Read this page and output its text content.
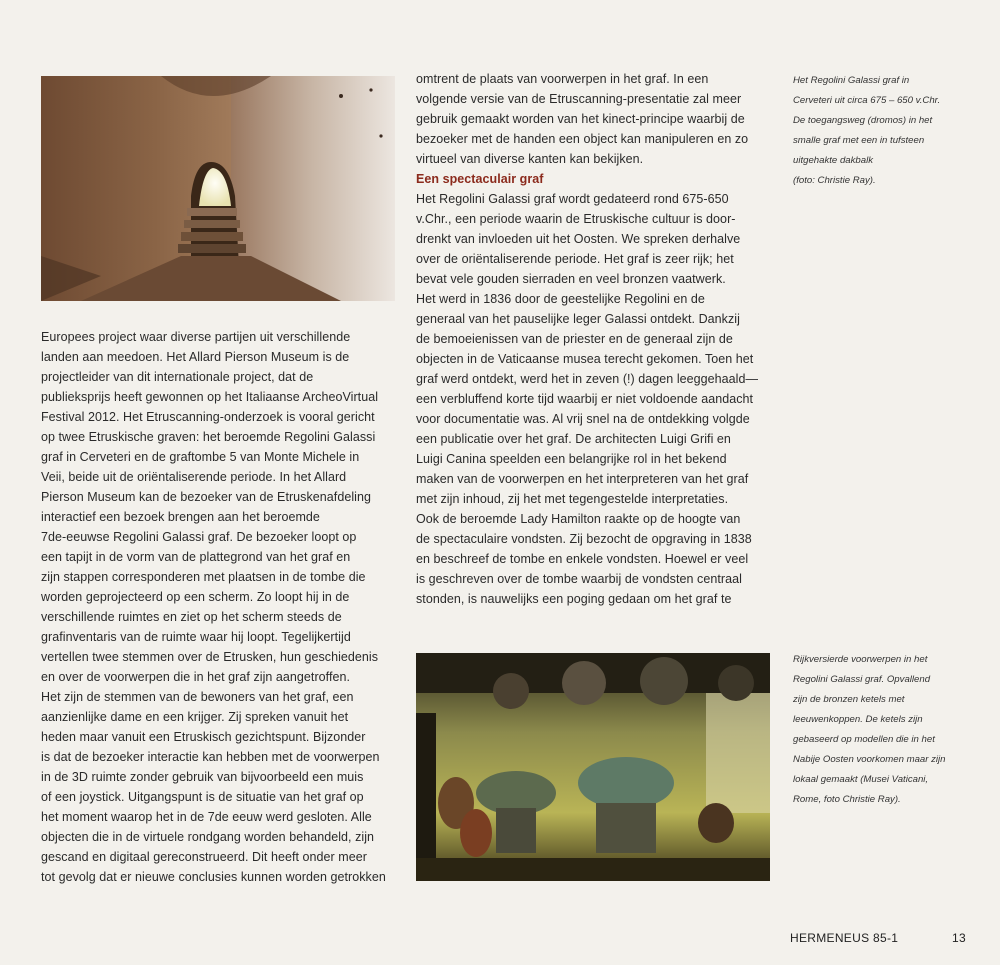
Europees project waar diverse partijen uit verschillende

landen aan meedoen. Het Allard Pierson Museum is de

projectleider van dit internationale project, dat de

publieksprijs heeft gewonnen op het Italiaanse ArcheoVirtual

Festival 2012. Het Etruscanning-onderzoek is vooral gericht

op twee Etruskische graven: het beroemde Regolini Galassi

graf in Cerveteri en de graftombe 5 van Monte Michele in

Veii, beide uit de oriëntaliserende periode. In het Allard

Pierson Museum kan de bezoeker van de Etruskenafdeling

interactief een bezoek brengen aan het beroemde

7de-eeuwse Regolini Galassi graf. De bezoeker loopt op

een tapijt in de vorm van de plattegrond van het graf en

zijn stappen corresponderen met plaatsen in de tombe die

worden geprojecteerd op een scherm. Zo loopt hij in de

verschillende ruimtes en ziet op het scherm steeds de

grafinventaris van de ruimte waar hij loopt. Tegelijkertijd

vertellen twee stemmen over de Etrusken, hun geschiedenis

en over de voorwerpen die in het graf zijn aangetroffen.

Het zijn de stemmen van de bewoners van het graf, een

aanzienlijke dame en een krijger. Zij spreken vanuit het

heden maar vanuit een Etruskisch gezichtspunt. Bijzonder

is dat de bezoeker interactie kan hebben met de voorwerpen

in de 3D ruimte zonder gebruik van bijvoorbeeld een muis

of een joystick. Uitgangspunt is de situatie van het graf op

het moment waarop het in de 7de eeuw werd gesloten. Alle

objecten die in de virtuele rondgang worden behandeld, zijn

gescand en digitaal gereconstrueerd. Dit heeft onder meer

tot gevolg dat er nieuwe conclusies kunnen worden getrokken

omtrent de plaats van voorwerpen in het graf. In een

volgende versie van de Etruscanning-presentatie zal meer

gebruik gemaakt worden van het kinect-principe waarbij de

bezoeker met de handen een object kan manipuleren en zo

virtueel van diverse kanten kan bekijken.

Een spectaculair graf

Het Regolini Galassi graf wordt gedateerd rond 675-650

v.Chr., een periode waarin de Etruskische cultuur is door-

drenkt van invloeden uit het Oosten. We spreken derhalve

over de oriëntaliserende periode. Het graf is zeer rijk; het

bevat vele gouden sierraden en veel bronzen vaatwerk.

Het werd in 1836 door de geestelijke Regolini en de

generaal van het pauselijke leger Galassi ontdekt. Dankzij

de bemoeienissen van de priester en de generaal zijn de

objecten in de Vaticaanse musea terecht gekomen. Toen het

graf werd ontdekt, werd het in zeven (!) dagen leeggehaald—

een verbluffend korte tijd waarbij er niet voldoende aandacht

voor documentatie was. Al vrij snel na de ontdekking volgde

een publicatie over het graf. De architecten Luigi Grifi en

Luigi Canina speelden een belangrijke rol in het bekend

maken van de voorwerpen en het interpreteren van het graf

met zijn inhoud, zij het met tegengestelde interpretaties.

Ook de beroemde Lady Hamilton raakte op de hoogte van

de spectaculaire vondsten. Zij bezocht de opgraving in 1838

en beschreef de tombe en enkele vondsten. Hoewel er veel

is geschreven over de tombe waarbij de vondsten centraal

stonden, is nauwelijks een poging gedaan om het graf te

Het Regolini Galassi graf in

Cerveteri uit circa 675 – 650 v.Chr.

De toegangsweg (dromos) in het

smalle graf met een in tufsteen

uitgehakte dakbalk

(foto: Christie Ray).

Rijkversierde voorwerpen in het

Regolini Galassi graf. Opvallend

zijn de bronzen ketels met

leeuwenkoppen. De ketels zijn

gebaseerd op modellen die in het

Nabije Oosten voorkomen maar zijn

lokaal gemaakt (Musei Vaticani,

Rome, foto Christie Ray).

HERMENEUS 85-1	13
